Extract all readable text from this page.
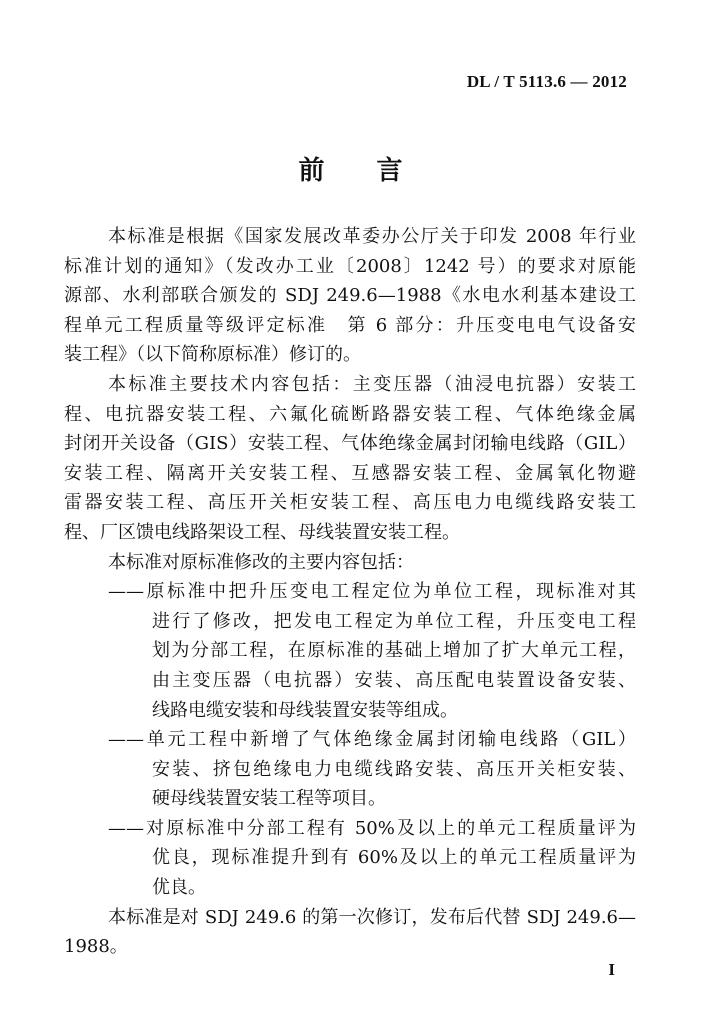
DL / T 5113.6 — 2012
前言
本标准是根据《国家发展改革委办公厅关于印发 2008 年行业
标准计划的通知》（发改办工业〔2008〕1242 号）的要求对原能
源部、水利部联合颁发的 SDJ 249.6—1988《水电水利基本建设工
程单元工程质量等级评定标准　第 6 部分：升压变电电气设备安
装工程》（以下简称原标准）修订的。
本标准主要技术内容包括：主变压器（油浸电抗器）安装工
程、电抗器安装工程、六氟化硫断路器安装工程、气体绝缘金属
封闭开关设备（GIS）安装工程、气体绝缘金属封闭输电线路（GIL）
安装工程、隔离开关安装工程、互感器安装工程、金属氧化物避
雷器安装工程、高压开关柜安装工程、高压电力电缆线路安装工
程、厂区馈电线路架设工程、母线装置安装工程。
本标准对原标准修改的主要内容包括：
——原标准中把升压变电工程定位为单位工程，现标准对其
进行了修改，把发电工程定为单位工程，升压变电工程
划为分部工程，在原标准的基础上增加了扩大单元工程，
由主变压器（电抗器）安装、高压配电装置设备安装、
线路电缆安装和母线装置安装等组成。
——单元工程中新增了气体绝缘金属封闭输电线路（GIL）
安装、挤包绝缘电力电缆线路安装、高压开关柜安装、
硬母线装置安装工程等项目。
——对原标准中分部工程有 50%及以上的单元工程质量评为
优良，现标准提升到有 60%及以上的单元工程质量评为
优良。
本标准是对 SDJ 249.6 的第一次修订，发布后代替 SDJ 249.6—
1988。
I
